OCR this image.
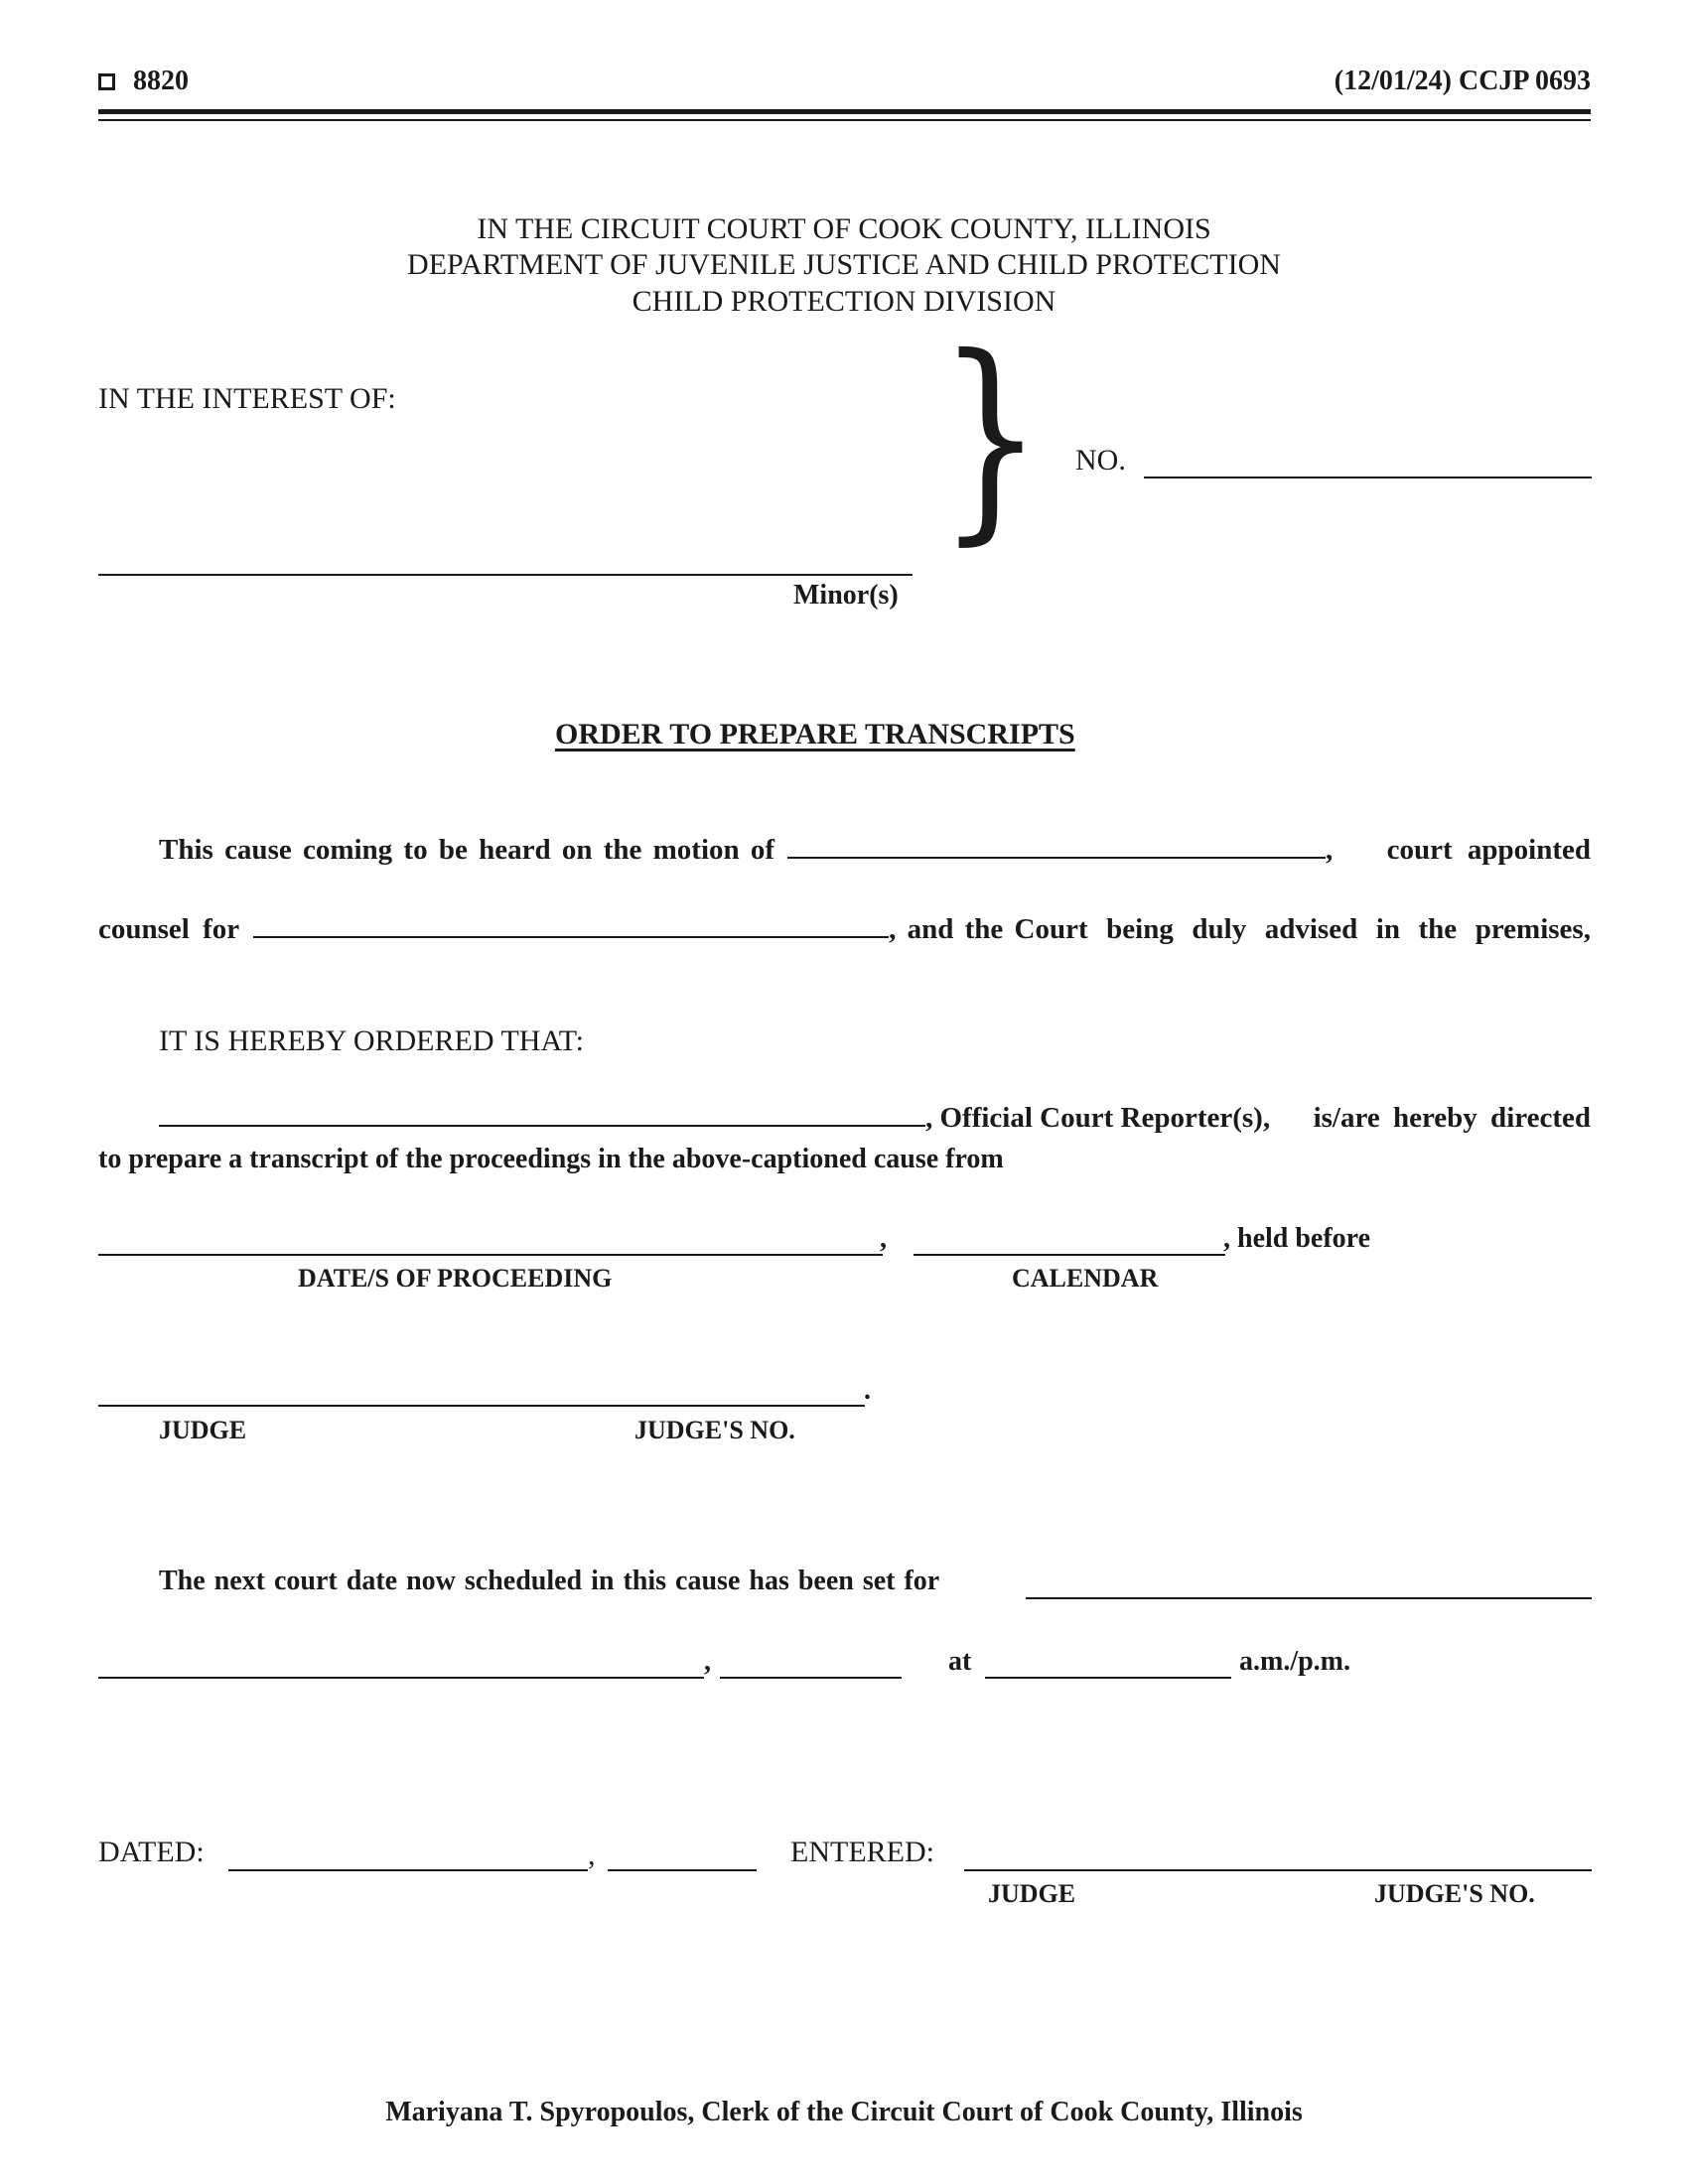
8820	(12/01/24) CCJP 0693
IN THE CIRCUIT COURT OF COOK COUNTY, ILLINOIS
DEPARTMENT OF JUVENILE JUSTICE AND CHILD PROTECTION
CHILD PROTECTION DIVISION
IN THE INTEREST OF:
Minor(s)
} NO.
ORDER TO PREPARE TRANSCRIPTS
This cause coming to be heard on the motion of	, court appointed
counsel for	, and the Court being duly advised in the premises,
IT IS HEREBY ORDERED THAT:
, Official Court Reporter(s), is/are hereby directed
to prepare a transcript of the proceedings in the above-captioned cause from
,	, held before
DATE/S OF PROCEEDING	CALENDAR
.
JUDGE	JUDGE'S NO.
The next court date now scheduled in this cause has been set for
,	at	a.m./p.m.
DATED:	,	ENTERED:
JUDGE	JUDGE'S NO.
Mariyana T. Spyropoulos, Clerk of the Circuit Court of Cook County, Illinois
